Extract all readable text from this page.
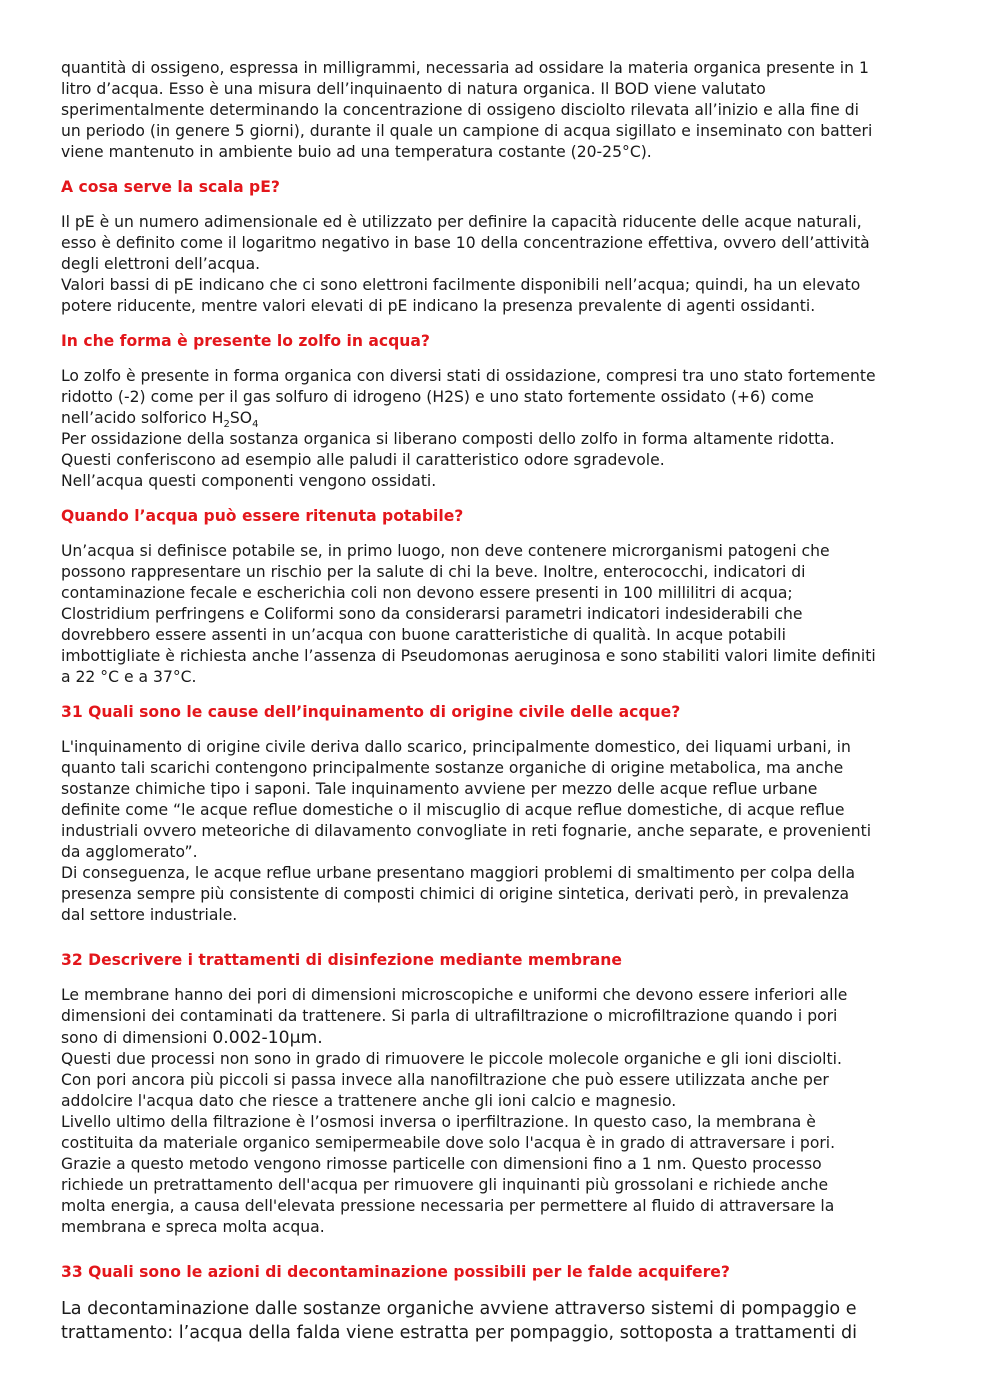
quantità di ossigeno, espressa in milligrammi, necessaria ad ossidare la materia organica presente in 1
litro d’acqua. Esso è una misura dell’inquinaento di natura organica. Il BOD viene valutato
sperimentalmente determinando la concentrazione di ossigeno disciolto rilevata all’inizio e alla fine di
un periodo (in genere 5 giorni), durante il quale un campione di acqua sigillato e inseminato con batteri
viene mantenuto in ambiente buio ad una temperatura costante (20-25°C).

A cosa serve la scala pE?

Il pE è un numero adimensionale ed è utilizzato per definire la capacità riducente delle acque naturali,
esso è definito come il logaritmo negativo in base 10 della concentrazione effettiva, ovvero dell’attività
degli elettroni dell’acqua.
Valori bassi di pE indicano che ci sono elettroni facilmente disponibili nell’acqua; quindi, ha un elevato
potere riducente, mentre valori elevati di pE indicano la presenza prevalente di agenti ossidanti.

In che forma è presente lo zolfo in acqua?

Lo zolfo è presente in forma organica con diversi stati di ossidazione, compresi tra uno stato fortemente
ridotto (-2) come per il gas solfuro di idrogeno (H2S) e uno stato fortemente ossidato (+6) come
nell’acido solforico $H_2SO_4$
Per ossidazione della sostanza organica si liberano composti dello zolfo in forma altamente ridotta.
Questi conferiscono ad esempio alle paludi il caratteristico odore sgradevole.
Nell’acqua questi componenti vengono ossidati.

Quando l’acqua può essere ritenuta potabile?

Un’acqua si definisce potabile se, in primo luogo, non deve contenere microrganismi patogeni che
possono rappresentare un rischio per la salute di chi la beve. Inoltre, enterococchi, indicatori di
contaminazione fecale e escherichia coli non devono essere presenti in 100 millilitri di acqua;
Clostridium perfringens e Coliformi sono da considerarsi parametri indicatori indesiderabili che
dovrebbero essere assenti in un’acqua con buone caratteristiche di qualità. In acque potabili
imbottigliate è richiesta anche l’assenza di Pseudomonas aeruginosa e sono stabiliti valori limite definiti
a 22 °C e a 37°C.

31 Quali sono le cause dell’inquinamento di origine civile delle acque?

L'inquinamento di origine civile deriva dallo scarico, principalmente domestico, dei liquami urbani, in
quanto tali scarichi contengono principalmente sostanze organiche di origine metabolica, ma anche
sostanze chimiche tipo i saponi. Tale inquinamento avviene per mezzo delle acque reflue urbane
definite come “le acque reflue domestiche o il miscuglio di acque reflue domestiche, di acque reflue
industriali ovvero meteoriche di dilavamento convogliate in reti fognarie, anche separate, e provenienti
da agglomerato”.
Di conseguenza, le acque reflue urbane presentano maggiori problemi di smaltimento per colpa della
presenza sempre più consistente di composti chimici di origine sintetica, derivati però, in prevalenza
dal settore industriale.

32 Descrivere i trattamenti di disinfezione mediante membrane

Le membrane hanno dei pori di dimensioni microscopiche e uniformi che devono essere inferiori alle
dimensioni dei contaminati da trattenere. Si parla di ultrafiltrazione o microfiltrazione quando i pori
sono di dimensioni 0.002-10μm.
Questi due processi non sono in grado di rimuovere le piccole molecole organiche e gli ioni disciolti.
Con pori ancora più piccoli si passa invece alla nanofiltrazione che può essere utilizzata anche per
addolcire l'acqua dato che riesce a trattenere anche gli ioni calcio e magnesio.
Livello ultimo della filtrazione è l’osmosi inversa o iperfiltrazione. In questo caso, la membrana è
costituita da materiale organico semipermeabile dove solo l'acqua è in grado di attraversare i pori.
Grazie a questo metodo vengono rimosse particelle con dimensioni fino a 1 nm. Questo processo
richiede un pretrattamento dell'acqua per rimuovere gli inquinanti più grossolani e richiede anche
molta energia, a causa dell'elevata pressione necessaria per permettere al fluido di attraversare la
membrana e spreca molta acqua.

33 Quali sono le azioni di decontaminazione possibili per le falde acquifere?

La decontaminazione dalle sostanze organiche avviene attraverso sistemi di pompaggio e
trattamento: l’acqua della falda viene estratta per pompaggio, sottoposta a trattamenti di
